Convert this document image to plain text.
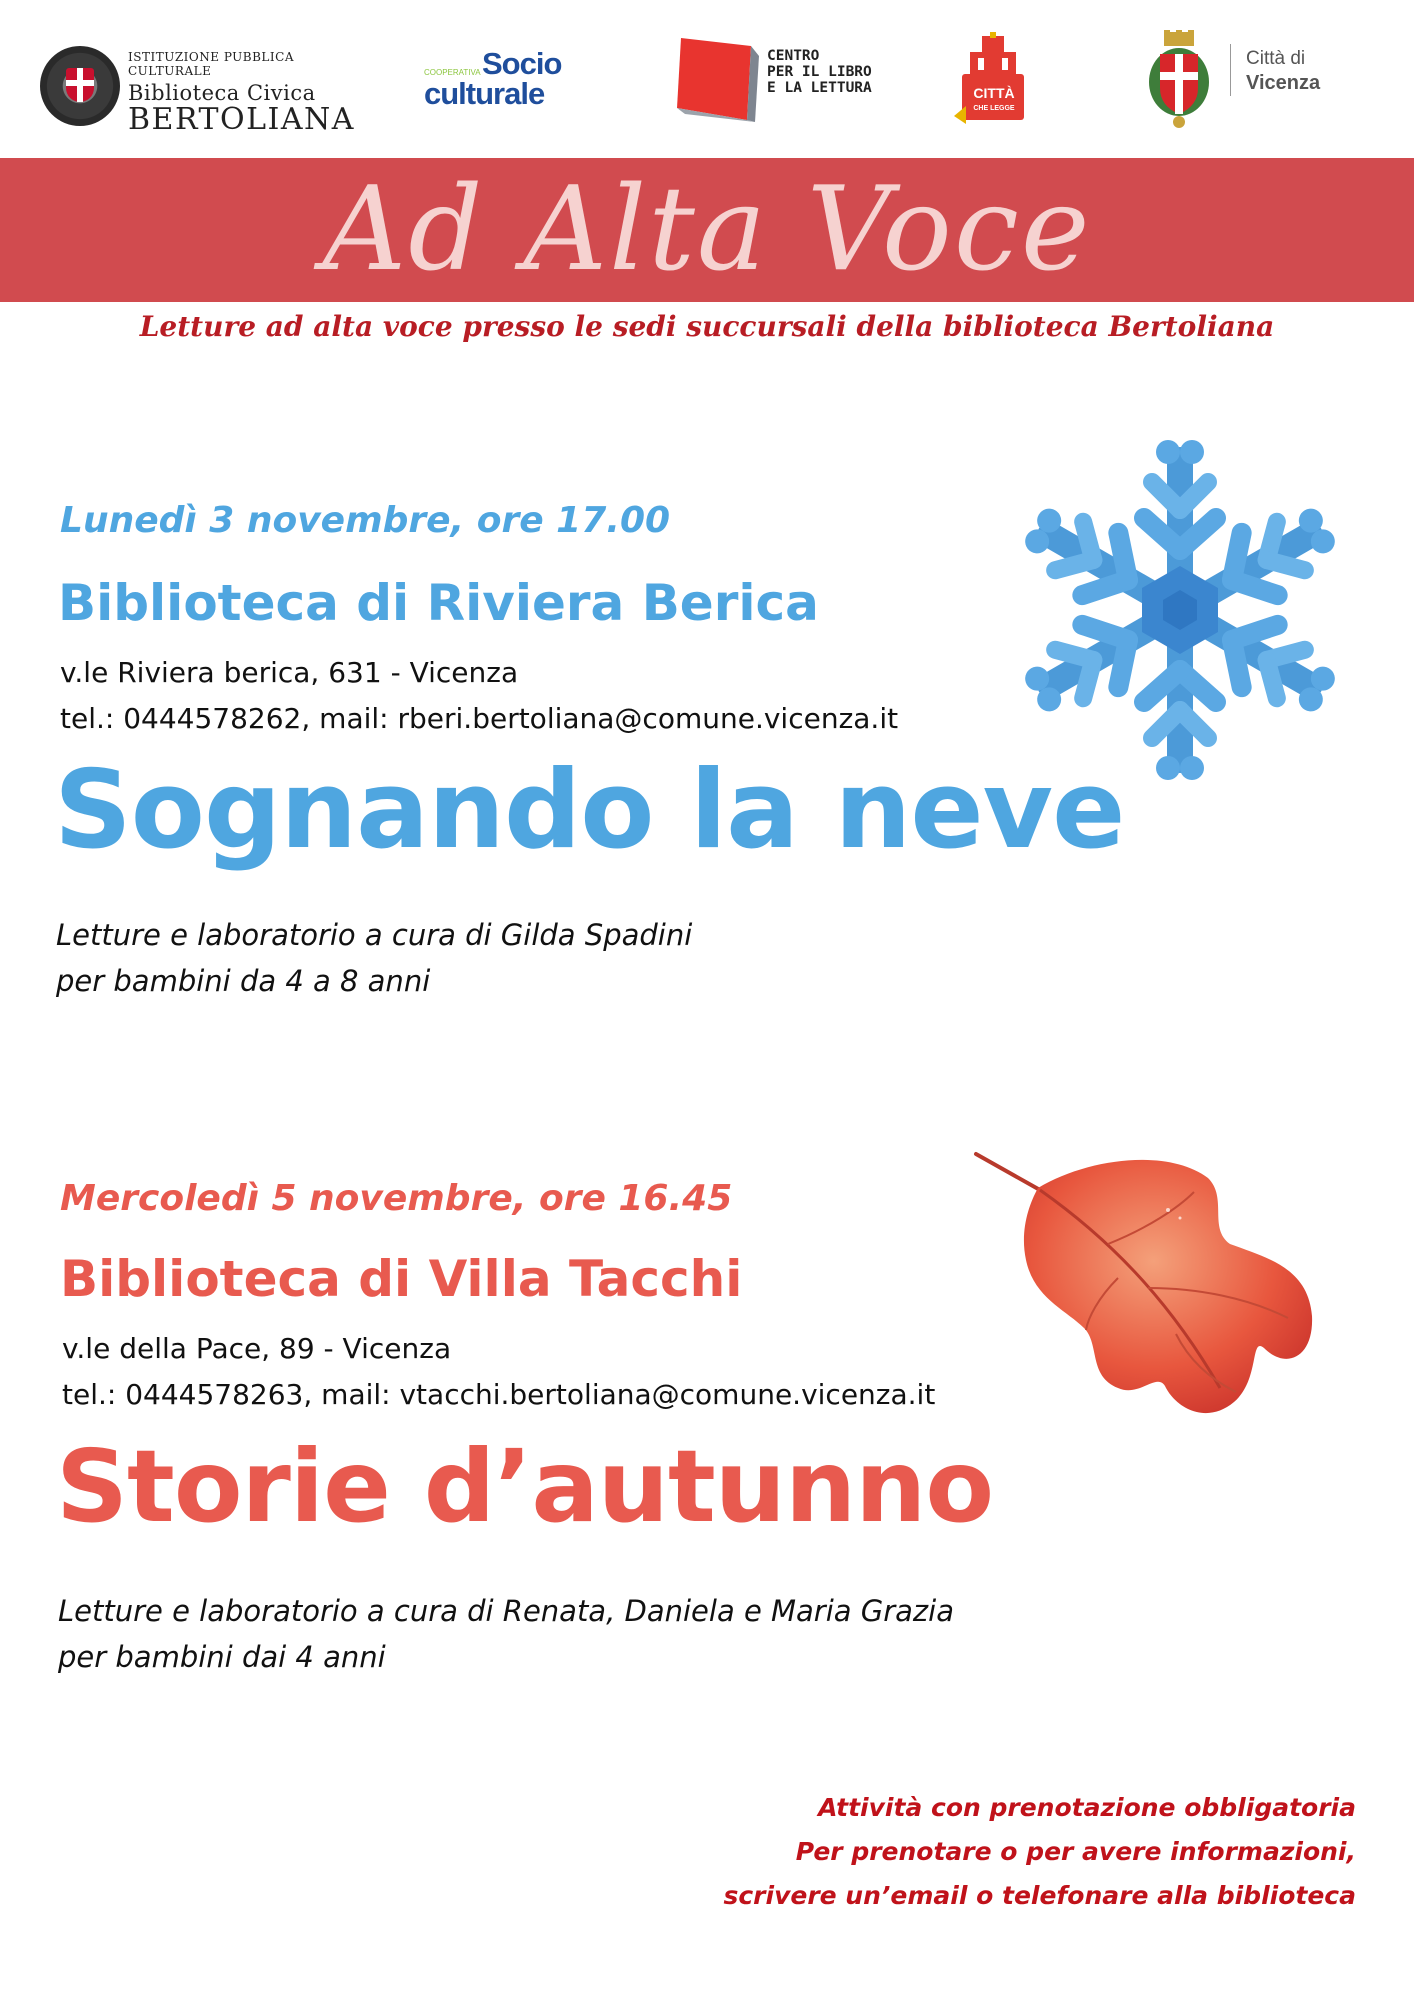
ISTITUZIONE PUBBLICA CULTURALE
Biblioteca Civica
BERTOLIANA
COOPERATIVA Socio
culturale
CENTRO
PER IL LIBRO
E LA LETTURA	CITTÀ
CHE LEGGE
Città di
Vicenza
Ad Alta Voce
Letture ad alta voce presso le sedi succursali della biblioteca Bertoliana
Lunedì 3 novembre, ore 17.00
Biblioteca di Riviera Berica
v.le Riviera berica, 631 - Vicenza
tel.: 0444578262, mail: rberi.bertoliana@comune.vicenza.it
Sognando la neve
Letture e laboratorio a cura di Gilda Spadini
per bambini da 4 a 8 anni
Mercoledì 5 novembre, ore 16.45
Biblioteca di Villa Tacchi
v.le della Pace, 89 - Vicenza
tel.: 0444578263, mail: vtacchi.bertoliana@comune.vicenza.it
Storie d’autunno
Letture e laboratorio a cura di Renata, Daniela e Maria Grazia
per bambini dai 4 anni
Attività con prenotazione obbligatoria
Per prenotare o per avere informazioni,
scrivere un’email o telefonare alla biblioteca
